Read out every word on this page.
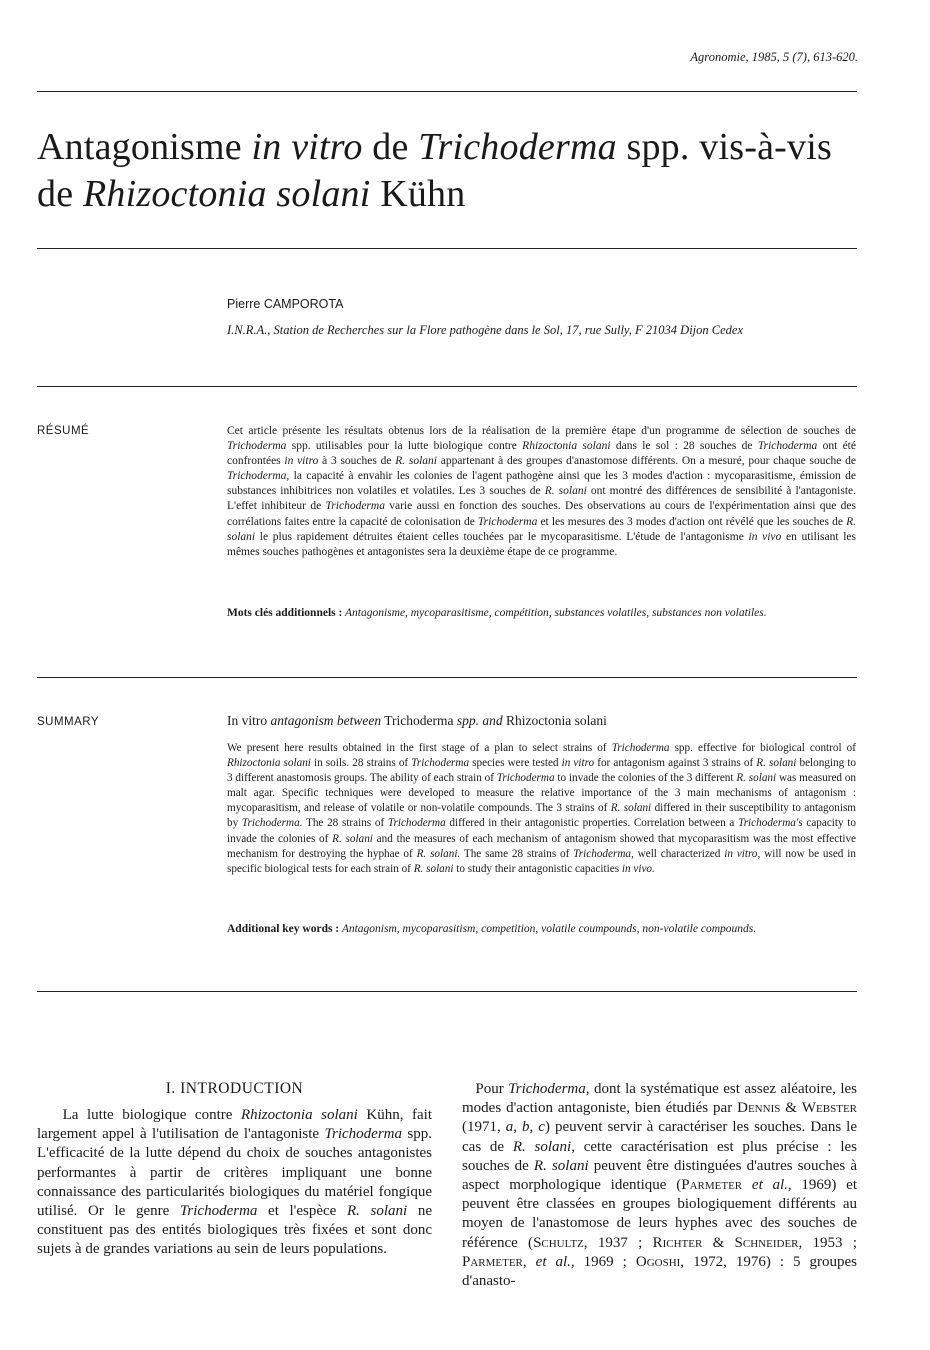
Agronomie, 1985, 5 (7), 613-620.
Antagonisme in vitro de Trichoderma spp. vis-à-vis de Rhizoctonia solani Kühn
Pierre CAMPOROTA
I.N.R.A., Station de Recherches sur la Flore pathogène dans le Sol, 17, rue Sully, F 21034 Dijon Cedex
RÉSUMÉ	Cet article présente les résultats obtenus lors de la réalisation de la première étape d'un programme de sélection de souches de Trichoderma spp. utilisables pour la lutte biologique contre Rhizoctonia solani dans le sol : 28 souches de Trichoderma ont été confrontées in vitro à 3 souches de R. solani appartenant à des groupes d'anastomose différents. On a mesuré, pour chaque souche de Trichoderma, la capacité à envahir les colonies de l'agent pathogène ainsi que les 3 modes d'action : mycoparasitisme, émission de substances inhibitrices non volatiles et volatiles. Les 3 souches de R. solani ont montré des différences de sensibilité à l'antagoniste. L'effet inhibiteur de Trichoderma varie aussi en fonction des souches. Des observations au cours de l'expérimentation ainsi que des corrélations faites entre la capacité de colonisation de Trichoderma et les mesures des 3 modes d'action ont révélé que les souches de R. solani le plus rapidement détruites étaient celles touchées par le mycoparasitisme. L'étude de l'antagonisme in vivo en utilisant les mêmes souches pathogènes et antagonistes sera la deuxième étape de ce programme.

Mots clés additionnels : Antagonisme, mycoparasitisme, compétition, substances volatiles, substances non volatiles.

SUMMARY	In vitro antagonism between Trichoderma spp. and Rhizoctonia solani

We present here results obtained in the first stage of a plan to select strains of Trichoderma spp. effective for biological control of Rhizoctonia solani in soils. 28 strains of Trichoderma species were tested in vitro for antagonism against 3 strains of R. solani belonging to 3 different anastomosis groups. The ability of each strain of Trichoderma to invade the colonies of the 3 different R. solani was measured on malt agar. Specific techniques were developed to measure the relative importance of the 3 main mechanisms of antagonism : mycoparasitism, and release of volatile or non-volatile compounds. The 3 strains of R. solani differed in their susceptibility to antagonism by Trichoderma. The 28 strains of Trichoderma differed in their antagonistic properties. Correlation between a Trichoderma's capacity to invade the colonies of R. solani and the measures of each mechanism of antagonism showed that mycoparasitism was the most effective mechanism for destroying the hyphae of R. solani. The same 28 strains of Trichoderma, well characterized in vitro, will now be used in specific biological tests for each strain of R. solani to study their antagonistic capacities in vivo.

Additional key words : Antagonism, mycoparasitism, competition, volatile coumpounds, non-volatile compounds.

I. INTRODUCTION

La lutte biologique contre Rhizoctonia solani Kühn, fait largement appel à l'utilisation de l'antagoniste Trichoderma spp. L'efficacité de la lutte dépend du choix de souches antagonistes performantes à partir de critères impliquant une bonne connaissance des particularités biologiques du matériel fongique utilisé. Or le genre Trichoderma et l'espèce R. solani ne constituent pas des entités biologiques très fixées et sont donc sujets à de grandes variations au sein de leurs populations.

Pour Trichoderma, dont la systématique est assez aléatoire, les modes d'action antagoniste, bien étudiés par Dennis & Webster (1971, a, b, c) peuvent servir à caractériser les souches. Dans le cas de R. solani, cette caractérisation est plus précise : les souches de R. solani peuvent être distinguées d'autres souches à aspect morphologique identique (Parmeter et al., 1969) et peuvent être classées en groupes biologiquement différents au moyen de l'anastomose de leurs hyphes avec des souches de référence (Schultz, 1937 ; Richter & Schneider, 1953 ; Parmeter, et al., 1969 ; Ogoshi, 1972, 1976) : 5 groupes d'anasto-
